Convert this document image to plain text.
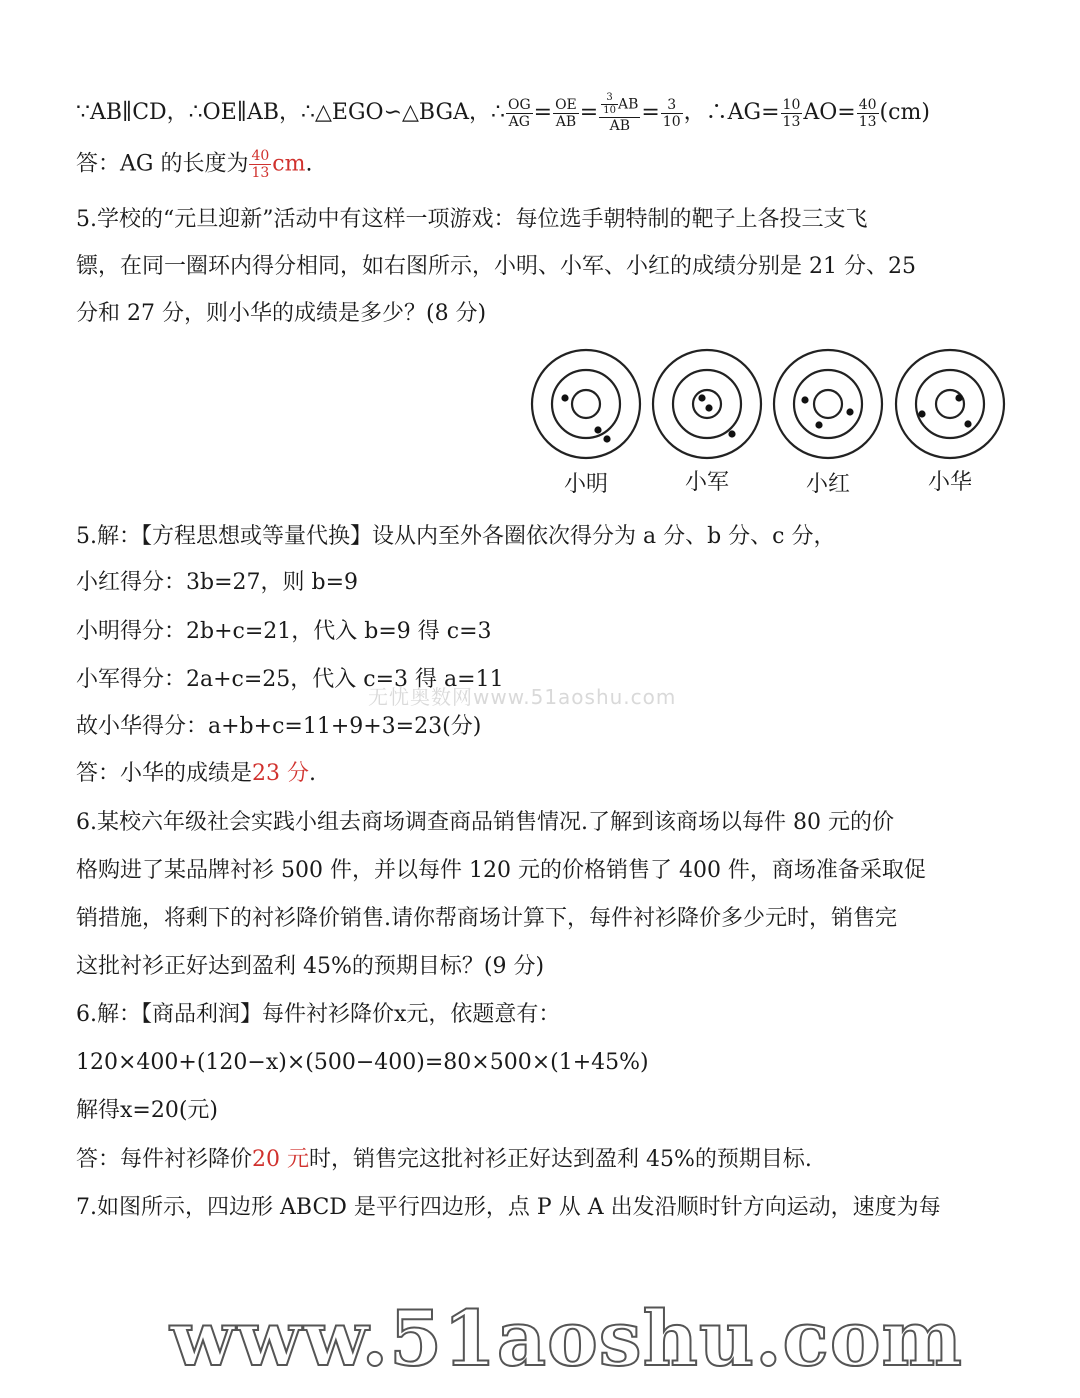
∵AB∥CD，∴OE∥AB，∴△EGO∽△BGA，∴ $\frac{OG}{AG} = \frac{OE}{AB} = \frac{\frac{3}{10} AB}{AB} = \frac{3}{10}$ ，∴AG= $\frac{10}{13} AO= \frac{40}{13} (cm)$
答：AG 的长度为 $\frac{40}{13}$ cm.
5.学校的“元旦迎新”活动中有这样一项游戏：每位选手朝特制的靶子上各投三支飞
镖，在同一圈环内得分相同，如右图所示，小明、小军、小红的成绩分别是 21 分、25
分和 27 分，则小华的成绩是多少？(8 分)
小明	小军	小红	小华
5.解：【方程思想或等量代换】设从内至外各圈依次得分为 a 分、b 分、c 分，
小红得分：3b=27，则 b=9
小明得分：2b+c=21，代入 b=9 得 c=3
小军得分：2a+c=25，代入 c=3 得 a=11
故小华得分：a+b+c=11+9+3=23(分)
答：小华的成绩是23 分.
无忧奥数网www.51aoshu.com
6.某校六年级社会实践小组去商场调查商品销售情况.了解到该商场以每件 80 元的价
格购进了某品牌衬衫 500 件，并以每件 120 元的价格销售了 400 件，商场准备采取促
销措施，将剩下的衬衫降价销售.请你帮商场计算下，每件衬衫降价多少元时，销售完
这批衬衫正好达到盈利 45%的预期目标？(9 分)
6.解：【商品利润】每件衬衫降价x元，依题意有：
120×400+(120−x)×(500−400)=80×500×(1+45%)
解得x=20(元)
答：每件衬衫降价20 元时，销售完这批衬衫正好达到盈利 45%的预期目标.
7.如图所示，四边形 ABCD 是平行四边形，点 P 从 A 出发沿顺时针方向运动，速度为每
www.51aoshu.com
